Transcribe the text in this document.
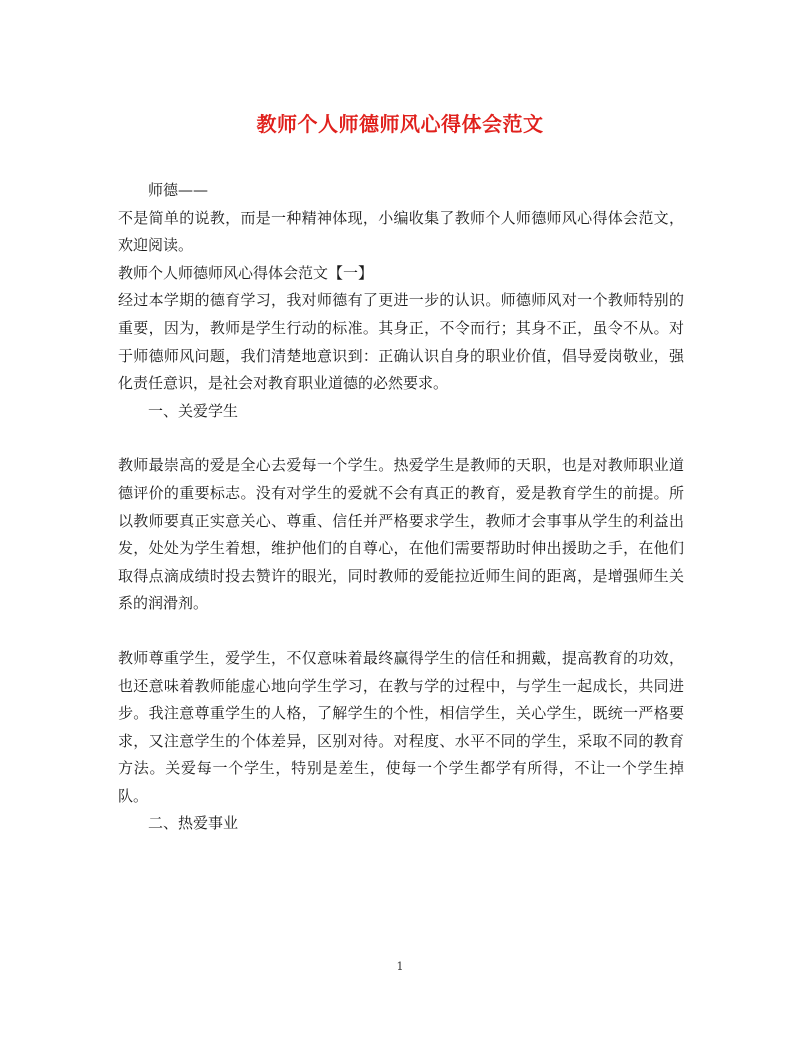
教师个人师德师风心得体会范文

师德——

不是简单的说教，而是一种精神体现，小编收集了教师个人师德师风心得体会范文，欢迎阅读。

教师个人师德师风心得体会范文【一】

经过本学期的德育学习，我对师德有了更进一步的认识。师德师风对一个教师特别的重要，因为，教师是学生行动的标准。其身正，不令而行；其身不正，虽令不从。对于师德师风问题，我们清楚地意识到：正确认识自身的职业价值，倡导爱岗敬业，强化责任意识，是社会对教育职业道德的必然要求。

一、关爱学生

教师最崇高的爱是全心去爱每一个学生。热爱学生是教师的天职，也是对教师职业道德评价的重要标志。没有对学生的爱就不会有真正的教育，爱是教育学生的前提。所以教师要真正实意关心、尊重、信任并严格要求学生，教师才会事事从学生的利益出发，处处为学生着想，维护他们的自尊心，在他们需要帮助时伸出援助之手，在他们取得点滴成绩时投去赞许的眼光，同时教师的爱能拉近师生间的距离，是增强师生关系的润滑剂。

教师尊重学生，爱学生，不仅意味着最终赢得学生的信任和拥戴，提高教育的功效，也还意味着教师能虚心地向学生学习，在教与学的过程中，与学生一起成长，共同进步。我注意尊重学生的人格，了解学生的个性，相信学生，关心学生，既统一严格要求，又注意学生的个体差异，区别对待。对程度、水平不同的学生，采取不同的教育方法。关爱每一个学生，特别是差生，使每一个学生都学有所得，不让一个学生掉队。

二、热爱事业

1
